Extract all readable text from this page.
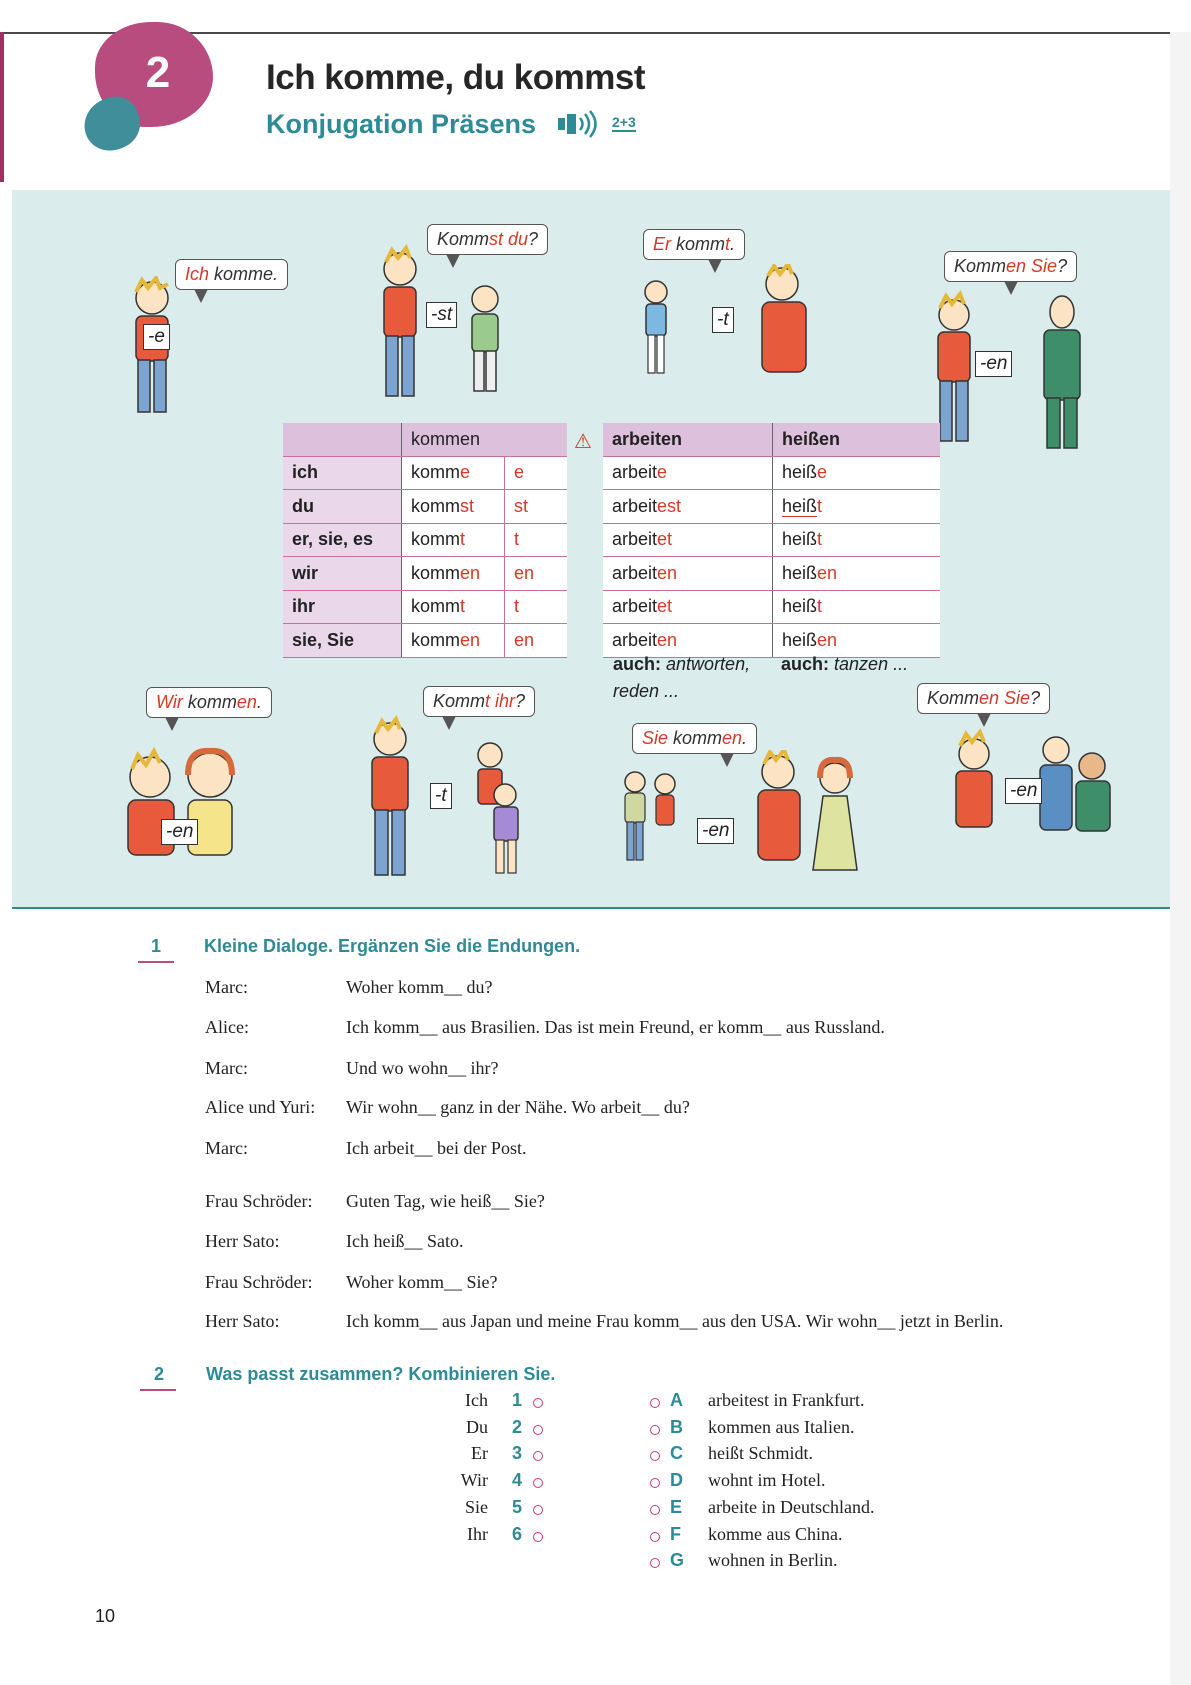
2	Ich komme, du kommst
Konjugation Präsens	2+3
Ich komme.
Kommst du?	Er kommt.
Kommen Sie?
Wir kommen.	Kommt ihr?
Sie kommen.
Kommen Sie?
-e
-st	-t
-en
-en
-t
-en
-en
	kommen	
ich	komme	e
du	kommst	st
er, sie, es	kommt	t
wir	kommen	en
ihr	kommt	t
sie, Sie	kommen	en
⚠ arbeiten	heißen
arbeite	heiße
arbeitest	heißt
arbeitet	heißt
arbeiten	heißen
arbeitet	heißt
arbeiten	heißen
auch: antworten,
reden ...
auch: tanzen ...
1 Kleine Dialoge. Ergänzen Sie die Endungen.
Marc:	Woher komm__ du?
Alice:	Ich komm__ aus Brasilien. Das ist mein Freund, er komm__ aus Russland.
Marc:	Und wo wohn__ ihr?
Alice und Yuri: Wir wohn__ ganz in der Nähe. Wo arbeit__ du?
Marc:	Ich arbeit__ bei der Post.
Frau Schröder: Guten Tag, wie heiß__ Sie?
Herr Sato:	Ich heiß__ Sato.
Frau Schröder: Woher komm__ Sie?
Herr Sato:	Ich komm__ aus Japan und meine Frau komm__ aus den USA. Wir wohn__ jetzt in Berlin.
2 Was passt zusammen? Kombinieren Sie.
Ich 1
Du 2
Er 3
Wir 4
Sie 5
Ihr 6
A arbeitest in Frankfurt.
B kommen aus Italien.
C heißt Schmidt.
D wohnt im Hotel.
E arbeite in Deutschland.
F komme aus China.
G wohnen in Berlin.
10
